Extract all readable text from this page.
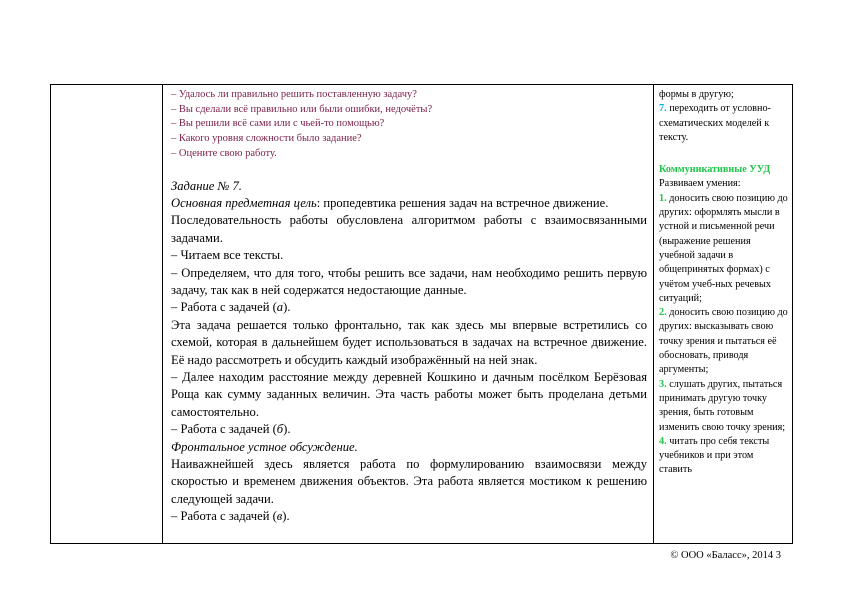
– Удалось ли правильно решить поставленную задачу?
– Вы сделали всё правильно или были ошибки, недочёты?
– Вы решили всё сами или с чьей-то помощью?
– Какого уровня сложности было задание?
– Оцените свою работу.
Задание № 7.
Основная предметная цель: пропедевтика решения задач на встречное движение.
Последовательность работы обусловлена алгоритмом работы с взаимосвязанными задачами.
– Читаем все тексты.
– Определяем, что для того, чтобы решить все задачи, нам необходимо решить первую задачу, так как в ней содержатся недостающие данные.
– Работа с задачей (а).
Эта задача решается только фронтально, так как здесь мы впервые встретились со схемой, которая в дальнейшем будет использоваться в задачах на встречное движение. Её надо рассмотреть и обсудить каждый изображённый на ней знак.
– Далее находим расстояние между деревней Кошкино и дачным посёлком Берёзовая Роща как сумму заданных величин. Эта часть работы может быть проделана детьми самостоятельно.
– Работа с задачей (б).
Фронтальное устное обсуждение.
Наиважнейшей здесь является работа по формулированию взаимосвязи между скоростью и временем движения объектов. Эта работа является мостиком к решению следующей задачи.
– Работа с задачей (в).

формы в другую;
7. переходить от условно-схематических моделей к тексту.
Коммуникативные УУД
Развиваем умения:
1. доносить свою позицию до других: оформлять мысли в устной и письменной речи (выражение решения учебной задачи в общепринятых формах) с учётом учеб-ных речевых ситуаций;
2. доносить свою позицию до других: высказывать свою точку зрения и пытаться её обосновать, приводя аргументы;
3. слушать других, пытаться принимать другую точку зрения, быть готовым изменить свою точку зрения;
4. читать про себя тексты учебников и при этом ставить
© ООО «Баласс», 2014 3
